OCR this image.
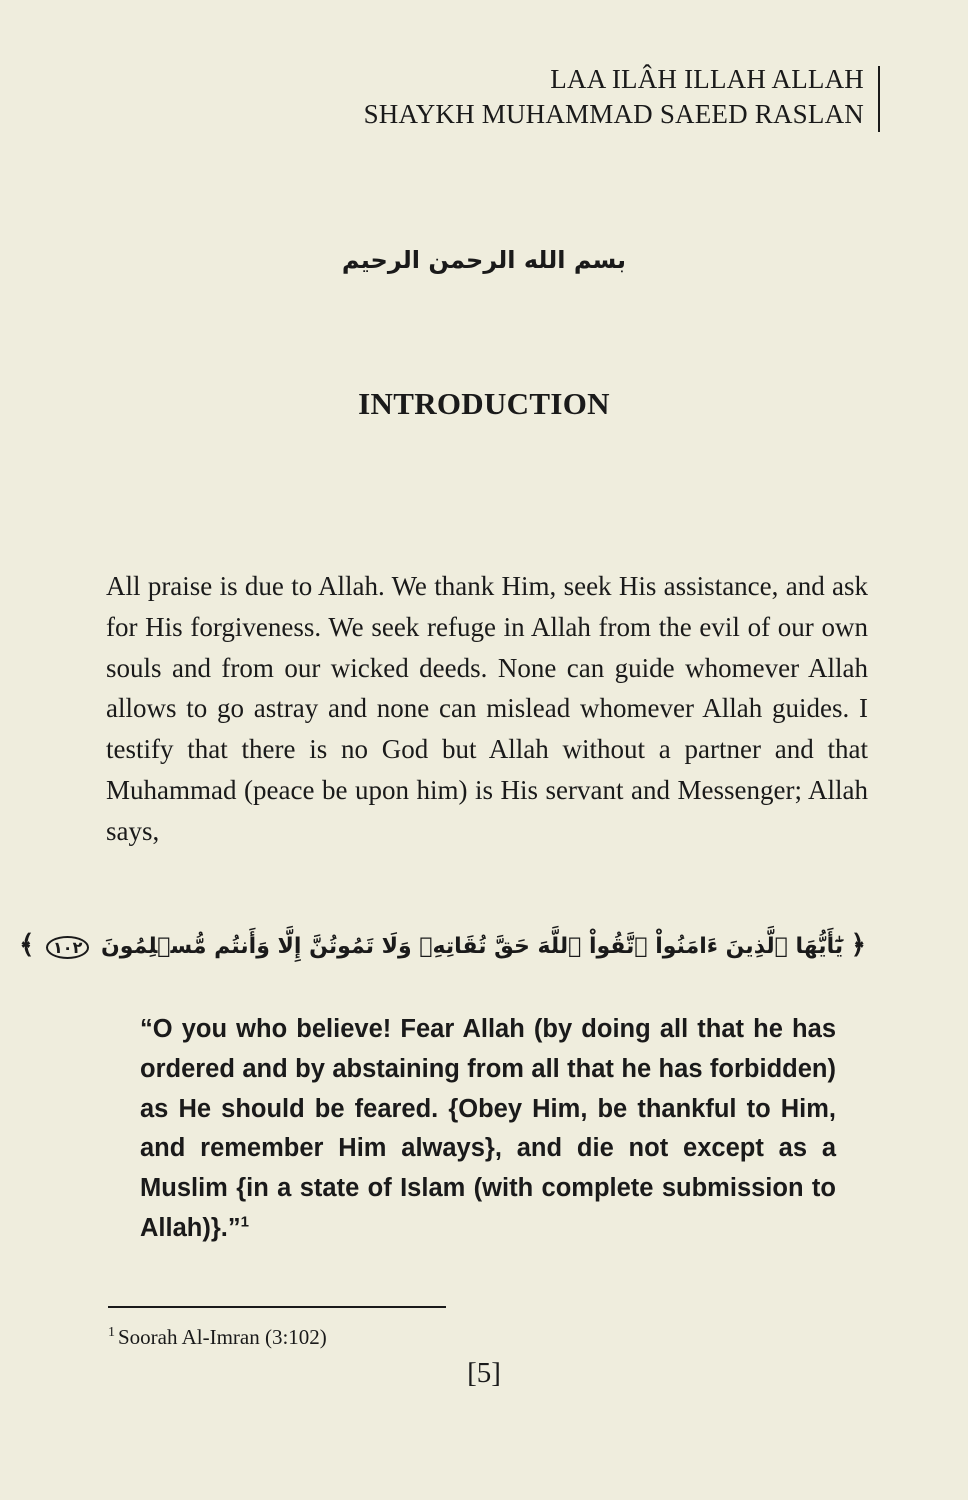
LAA ILÂH ILLAH ALLAH
SHAYKH MUHAMMAD SAEED RASLAN
بسم الله الرحمن الرحيم
INTRODUCTION

All praise is due to Allah. We thank Him, seek His assistance, and ask for His forgiveness. We seek refuge in Allah from the evil of our own souls and from our wicked deeds. None can guide whomever Allah allows to go astray and none can mislead whomever Allah guides. I testify that there is no God but Allah without a partner and that Muhammad (peace be upon him) is His servant and Messenger; Allah says,

﴿ يَٰٓأَيُّهَا ٱلَّذِينَ ءَامَنُواْ ٱتَّقُواْ ٱللَّهَ حَقَّ تُقَاتِهِۦ وَلَا تَمُوتُنَّ إِلَّا وَأَنتُم مُّسۡلِمُونَ ١٠٢ ﴾

“O you who believe! Fear Allah (by doing all that he has ordered and by abstaining from all that he has forbidden) as He should be feared. {Obey Him, be thankful to Him, and remember Him always}, and die not except as a Muslim {in a state of Islam (with complete submission to Allah)}.”$^1$

$^1$ Soorah Al-Imran (3:102)

[5]
